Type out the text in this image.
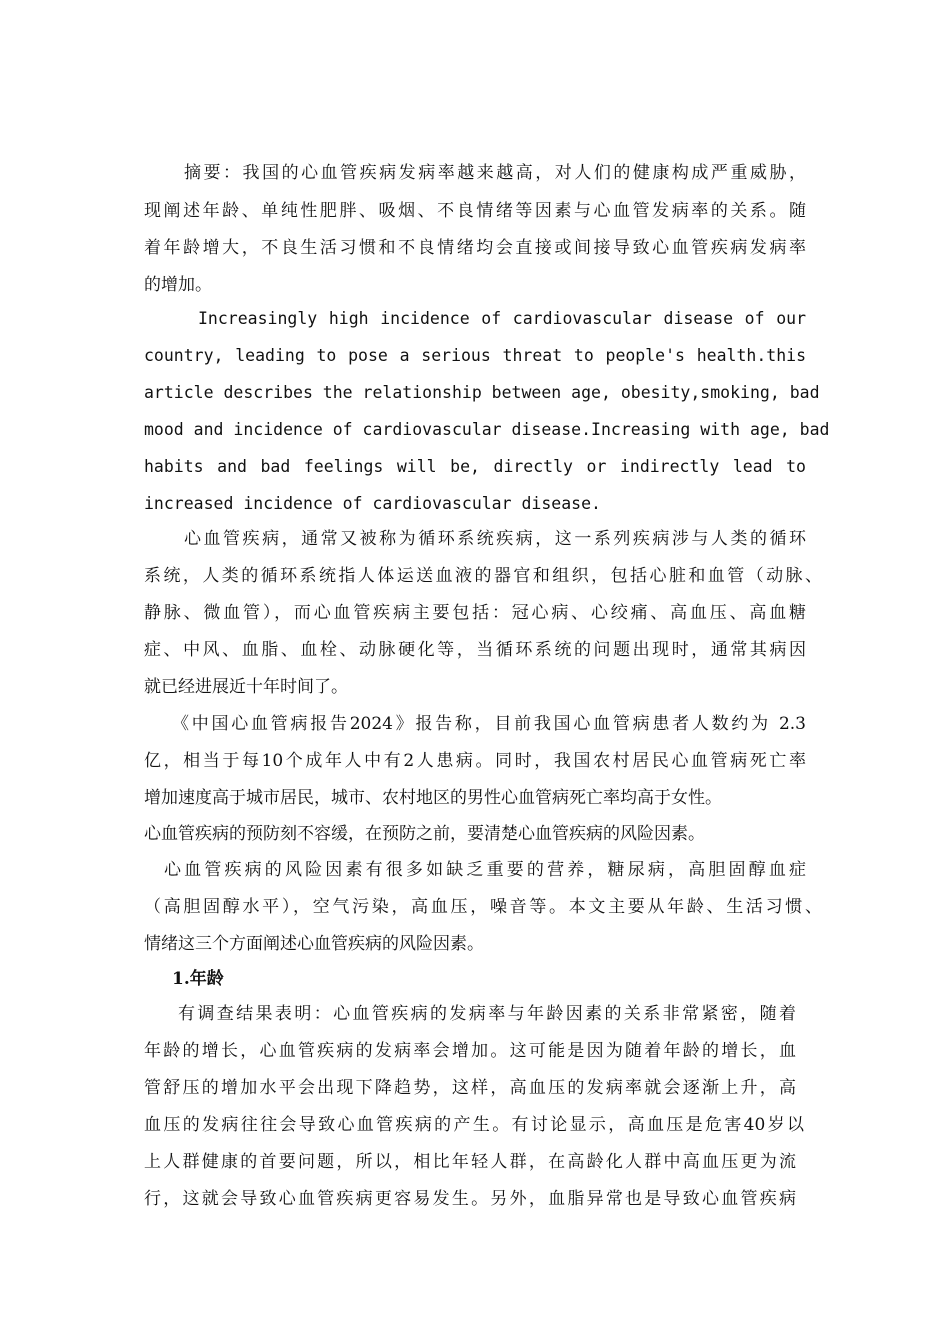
摘要：我国的心血管疾病发病率越来越高，对人们的健康构成严重威胁，
现阐述年龄、单纯性肥胖、吸烟、不良情绪等因素与心血管发病率的关系。随
着年龄增大，不良生活习惯和不良情绪均会直接或间接导致心血管疾病发病率
的增加。
Increasingly high incidence of cardiovascular disease of our
country, leading to pose a serious threat to people's health.this
article describes the relationship between age, obesity,smoking, bad
mood and incidence of cardiovascular disease.Increasing with age, bad
habits and bad feelings will be, directly or indirectly lead to
increased incidence of cardiovascular disease.
心血管疾病，通常又被称为循环系统疾病，这一系列疾病涉与人类的循环
系统，人类的循环系统指人体运送血液的器官和组织，包括心脏和血管（动脉、
静脉、微血管），而心血管疾病主要包括：冠心病、心绞痛、高血压、高血糖
症、中风、血脂、血栓、动脉硬化等，当循环系统的问题出现时，通常其病因
就已经进展近十年时间了。
《中国心血管病报告2024》报告称，目前我国心血管病患者人数约为 2.3
亿，相当于每10个成年人中有2人患病。同时，我国农村居民心血管病死亡率
增加速度高于城市居民，城市、农村地区的男性心血管病死亡率均高于女性。
心血管疾病的预防刻不容缓，在预防之前，要清楚心血管疾病的风险因素。
心血管疾病的风险因素有很多如缺乏重要的营养，糖尿病，高胆固醇血症
（高胆固醇水平），空气污染，高血压，噪音等。本文主要从年龄、生活习惯、
情绪这三个方面阐述心血管疾病的风险因素。
1.年龄
有调查结果表明：心血管疾病的发病率与年龄因素的关系非常紧密，随着
年龄的增长，心血管疾病的发病率会增加。这可能是因为随着年龄的增长，血
管舒压的增加水平会出现下降趋势，这样，高血压的发病率就会逐渐上升，高
血压的发病往往会导致心血管疾病的产生。有讨论显示，高血压是危害40岁以
上人群健康的首要问题，所以，相比年轻人群，在高龄化人群中高血压更为流
行，这就会导致心血管疾病更容易发生。另外，血脂异常也是导致心血管疾病
